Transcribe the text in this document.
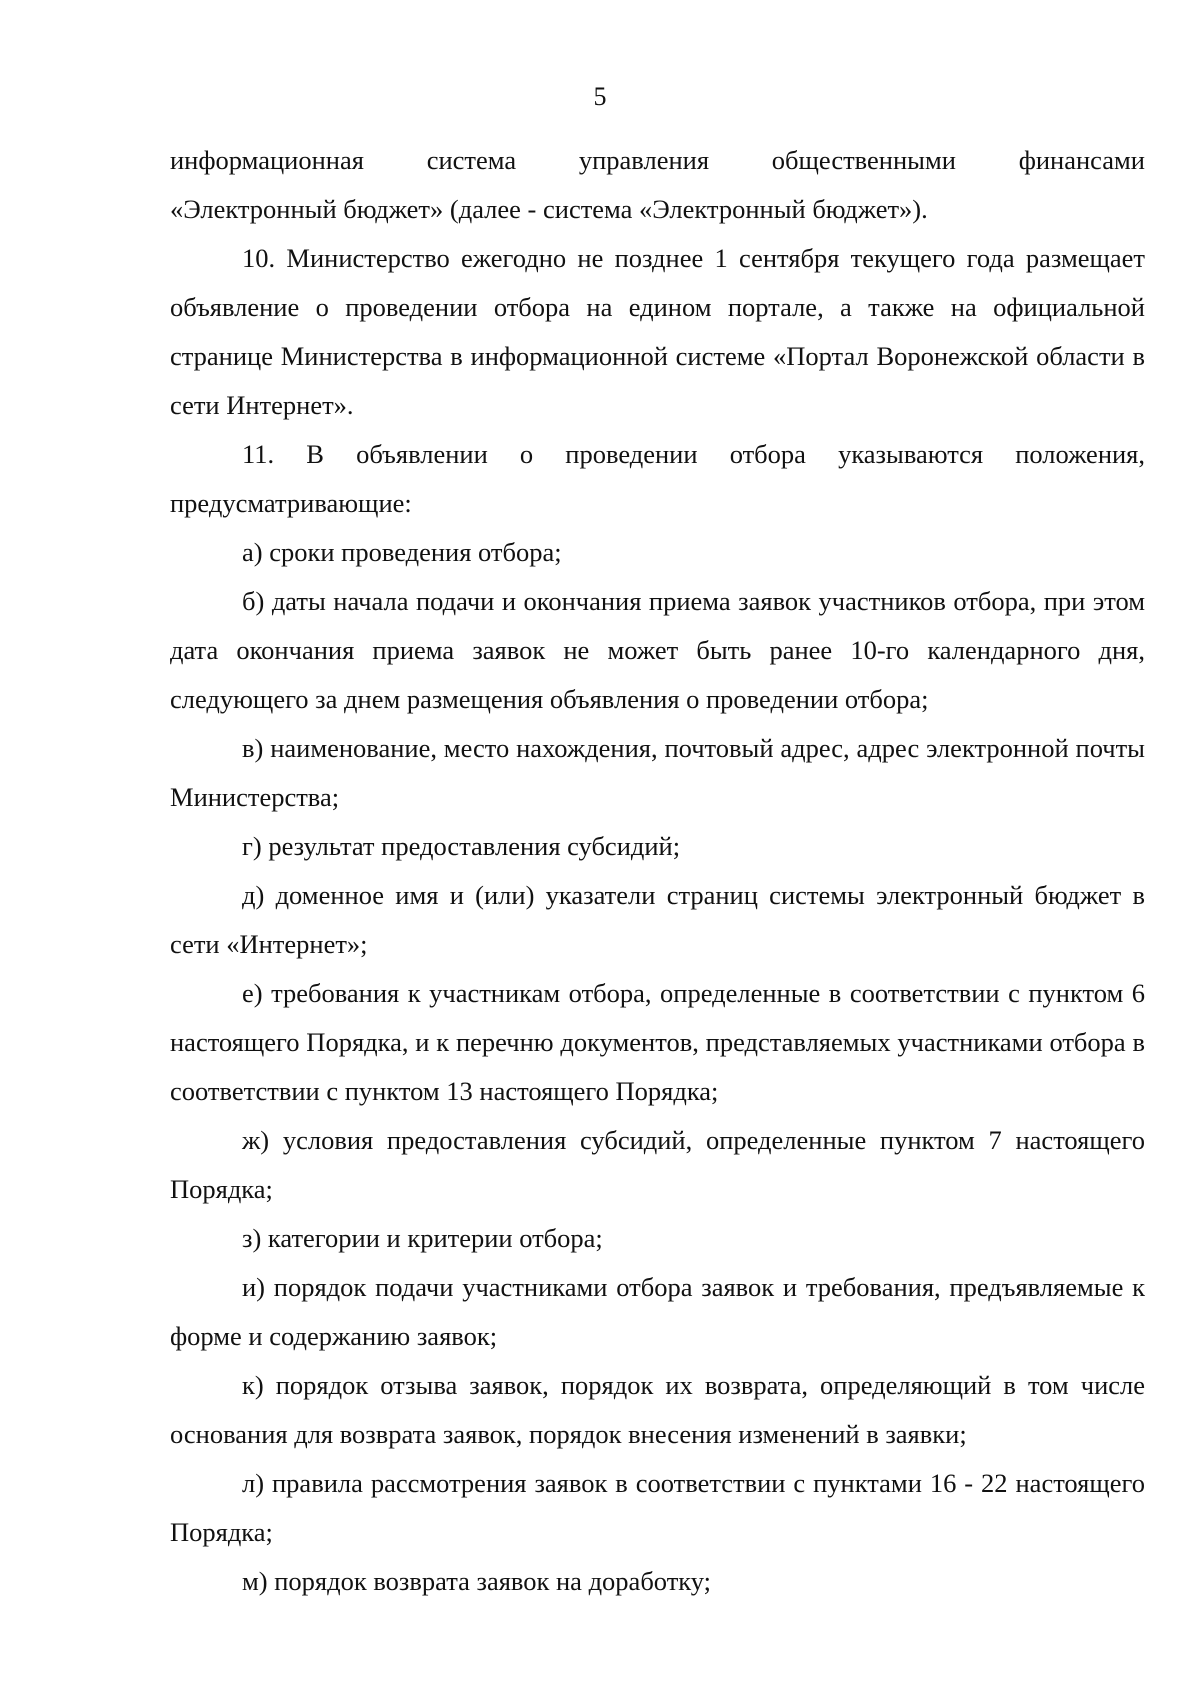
5
информационная система управления общественными финансами

«Электронный бюджет» (далее - система «Электронный бюджет»).

10. Министерство ежегодно не позднее 1 сентября текущего года размещает объявление о проведении отбора на едином портале, а также на официальной странице Министерства в информационной системе «Портал Воронежской области в сети Интернет».

11. В объявлении о проведении отбора указываются положения, предусматривающие:

а) сроки проведения отбора;

б) даты начала подачи и окончания приема заявок участников отбора, при этом дата окончания приема заявок не может быть ранее 10-го календарного дня, следующего за днем размещения объявления о проведении отбора;

в) наименование, место нахождения, почтовый адрес, адрес электронной почты Министерства;

г) результат предоставления субсидий;

д) доменное имя и (или) указатели страниц системы электронный бюджет в сети «Интернет»;

е) требования к участникам отбора, определенные в соответствии с пунктом 6 настоящего Порядка, и к перечню документов, представляемых участниками отбора в соответствии с пунктом 13 настоящего Порядка;

ж) условия предоставления субсидий, определенные пунктом 7 настоящего Порядка;

з) категории и критерии отбора;

и) порядок подачи участниками отбора заявок и требования, предъявляемые к форме и содержанию заявок;

к) порядок отзыва заявок, порядок их возврата, определяющий в том числе основания для возврата заявок, порядок внесения изменений в заявки;

л) правила рассмотрения заявок в соответствии с пунктами 16 - 22 настоящего Порядка;

м) порядок возврата заявок на доработку;
